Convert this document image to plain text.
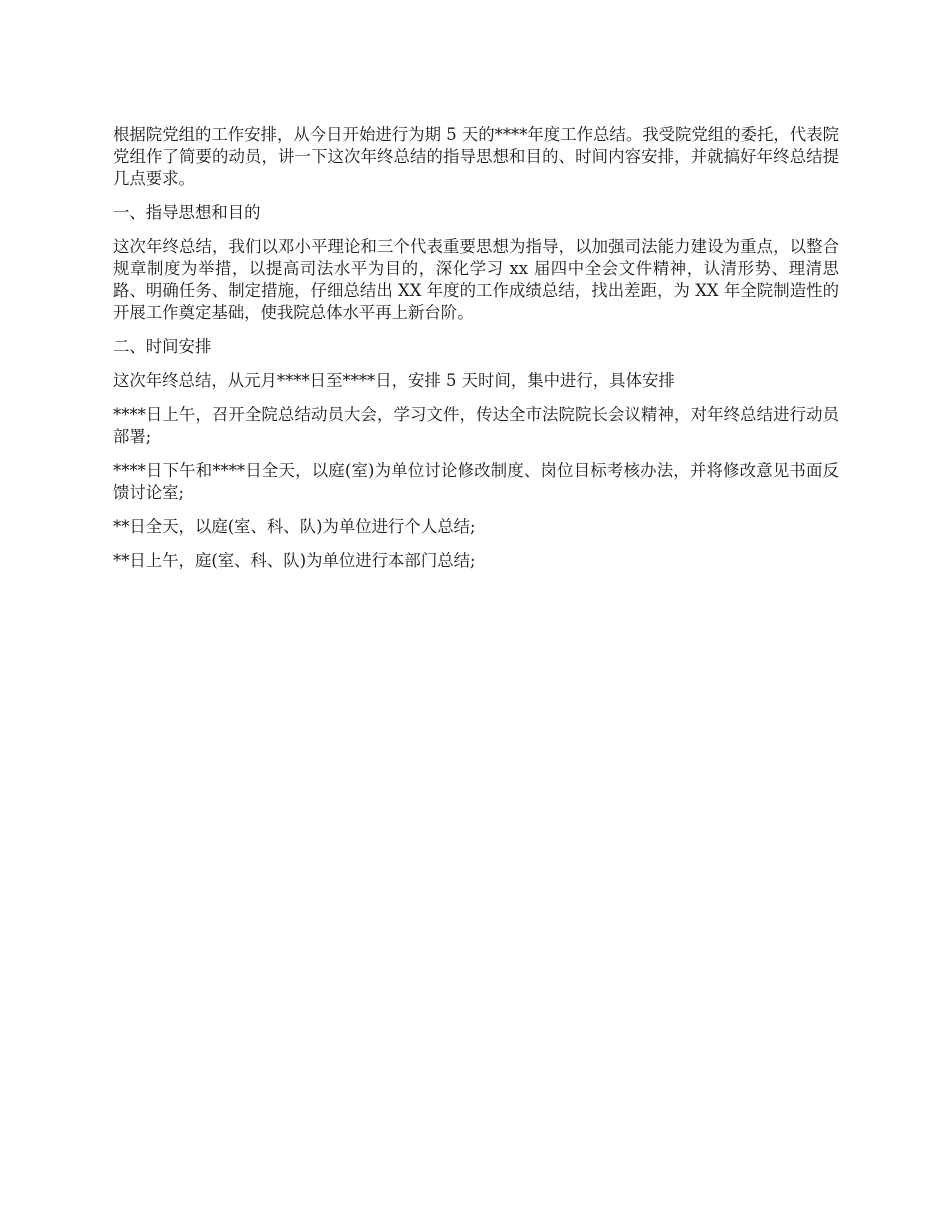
根据院党组的工作安排，从今日开始进行为期 5 天的****年度工作总结。我受院党组的委托，代表院党组作了简要的动员，讲一下这次年终总结的指导思想和目的、时间内容安排，并就搞好年终总结提几点要求。

一、指导思想和目的

这次年终总结，我们以邓小平理论和三个代表重要思想为指导，以加强司法能力建设为重点，以整合规章制度为举措，以提高司法水平为目的，深化学习 xx 届四中全会文件精神，认清形势、理清思路、明确任务、制定措施，仔细总结出 XX 年度的工作成绩总结，找出差距，为 XX 年全院制造性的开展工作奠定基础，使我院总体水平再上新台阶。

二、时间安排

这次年终总结，从元月****日至****日，安排 5 天时间，集中进行，具体安排

****日上午，召开全院总结动员大会，学习文件，传达全市法院院长会议精神，对年终总结进行动员部署;

****日下午和****日全天，以庭(室)为单位讨论修改制度、岗位目标考核办法，并将修改意见书面反馈讨论室;

**日全天，以庭(室、科、队)为单位进行个人总结;

**日上午，庭(室、科、队)为单位进行本部门总结;
